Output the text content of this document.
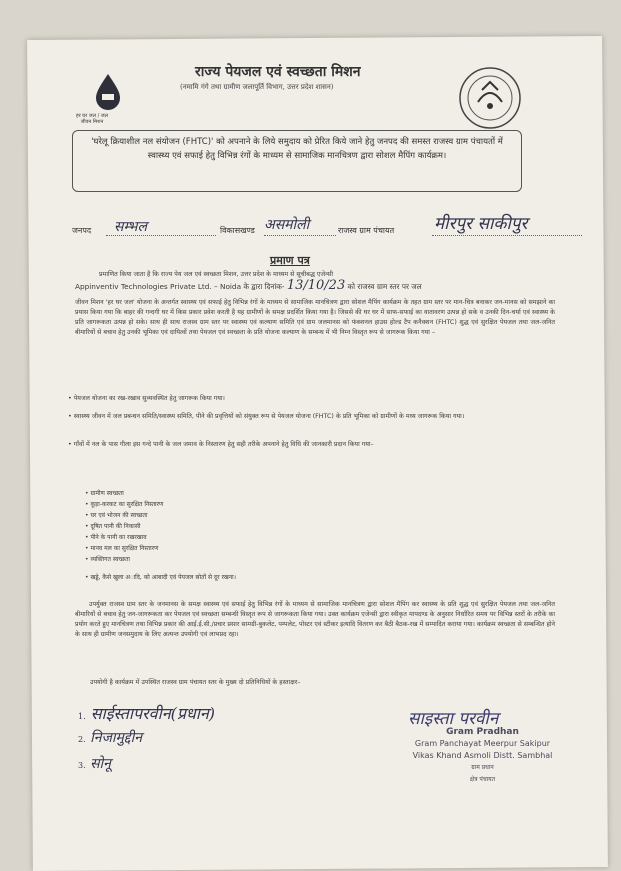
हर घर जल / जल जीवन मिशन
राज्य पेयजल एवं स्वच्छता मिशन
(नमामि गंगे तथा ग्रामीण जलापूर्ति विभाग, उत्तर प्रदेश शासन)
'घरेलू क्रियाशील नल संयोजन (FHTC)' को अपनाने के लिये समुदाय को प्रेरित किये जाने हेतु जनपद की समस्त राजस्व ग्राम पंचायतों में स्वास्थ्य एवं सफाई हेतु विभिन्न रंगों के माध्यम से सामाजिक मानचित्रण द्वारा सोशल मैपिंग कार्यक्रम।
जनपद सम्भल	विकासखण्ड असमोली	राजस्व ग्राम पंचायत मीरपुर साकीपुर
प्रमाण पत्र
प्रमाणित किया जाता है कि राज्य पेय जल एवं स्वच्छता मिशन, उत्तर प्रदेश के माध्यम से सूचीबद्ध एजेन्सी
Appinventiv Technologies Private Ltd. – Noida के द्वारा दिनांक- 13/10/23 को राजस्व ग्राम स्तर पर जल
जीवन मिशन 'हर घर जल' योजना के अन्तर्गत स्वास्थ्य एवं सफाई हेतु विभिन्न रंगों के माध्यम से सामाजिक मानचित्रण द्वारा सोशल मैपिंग कार्यक्रम के तहत ग्राम स्तर पर मान-चित्र बनाकर जन-मानस को समझाने का प्रयास किया गया कि बाहर की गन्दगी घर में किस प्रकार प्रवेश करती है यह ग्रामीणों के समक्ष प्रदर्शित किया गया है। जिससे की घर घर में साफ-सफाई का वातावरण उत्पन्न हो सके व उनकी दिन-चर्या एवं स्वास्थ्य के प्रति जागरूकता उत्पन्न हो सके। साथ ही साथ राजस्व ग्राम स्तर पर स्वास्थ्य एवं कल्याण समिति एवं ग्राम जलमानस को फंक्शनल हाउस होल्ड टैप कनैक्शन (FHTC) शुद्ध एवं सुरक्षित पेयजल तथा जल-जनित बीमारियों से बचाव हेतु उनकी भूमिका एवं दायित्वों तथा पेयजल एवं स्वच्छता के प्रति योजना कल्याण के सम्बन्ध में भी निम्न विस्तृत रूप से जागरूक किया गया –
• पेयजल योजना का रख-रखाव सुव्यवस्थित हेतु जागरूक किया गया।
• स्वास्थ्य जीवन में जल प्रबन्धन समिति/स्वास्थ्य समिति, पीने की प्रवृत्तियों को संयुक्त रूप से पेयजल योजना (FHTC) के प्रति भूमिका को ग्रामीणों के मध्य जागरूक किया गया।
• गाँवों में नल के पास गीला इस गन्दे पानी के जल जमाव के निस्तारण हेतु सही तरीके अपनाने हेतु विधि की जानकारी प्रदान किया गया–
• ग्रामीण स्वच्छता
• कूड़ा-करकट का सुरक्षित निस्तारण
• घर एवं भोजन की स्वच्छता
• दूषित पानी की निकासी
• पीने के पानी का रखरखाव
• मानव मल का सुरक्षित निस्तारण
• व्यक्तिगत स्वच्छता
• खड्डे, कैसे खुला अादि, को आबादी एवं पेयजल स्रोतों से दूर रखना।
उपर्युक्त राजस्व ग्राम स्तर के जनमानस के समक्ष स्वास्थ्य एवं सफाई हेतु विभिन्न रंगों के माध्यम से सामाजिक मानचित्रण द्वारा सोशल मैपिंग कर स्वास्थ्य के प्रति शुद्ध एवं सुरक्षित पेयजल तथा जल-जनित बीमारियों से बचाव हेतु जन-जागरूकता कर पेयजल एवं स्वच्छता सम्बन्धी विस्तृत रूप से जागरूकता किया गया। उक्त कार्यक्रम एजेन्सी द्वारा स्वीकृत मापदण्ड के अनुसार निर्धारित समय पर विभिन्न स्तरों के तरीके का प्रयोग करते हुए मानचित्रण तथा विभिन्न प्रकार की आई.ई.सी./प्रचार प्रसार सामग्री-बुकलेट, पम्पलेट, पोस्टर एवं स्टीकर इत्यादि वितरण कर बैठी बैठक-रख में सम्पादित कराया गया। कार्यक्रम स्वच्छता से सम्बन्धित होने के साथ ही ग्रामीण जनसमुदाय के लिए अत्यन्त उपयोगी एवं लाभप्रद रहा।
उपयोगी है कार्यक्रम में उपस्थित राजस्व ग्राम पंचायत स्तर के मुख्य दो प्रतिनिधियों के हस्ताक्षर–
1. साईस्तापरवीन(प्रधान)
2. निजामुद्दीन
3. सोनू
साइस्ता परवीन
Gram Pradhan
Gram Panchayat Meerpur Sakipur
Vikas Khand Asmoli Distt. Sambhal
ग्राम प्रधान
क्षेत्र पंचायत
